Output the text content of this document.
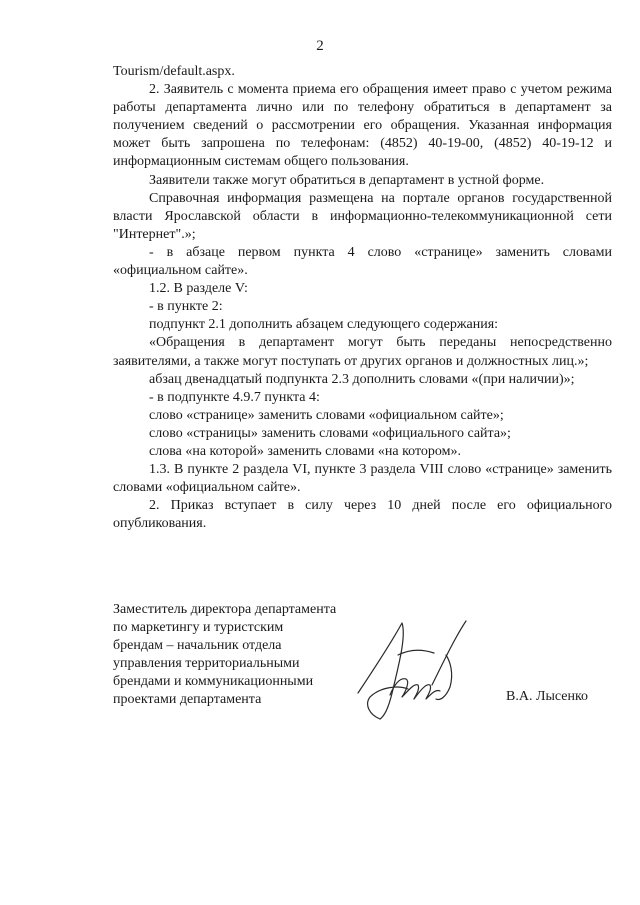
2

Tourism/default.aspx.

2. Заявитель с момента приема его обращения имеет право с учетом режима работы департамента лично или по телефону обратиться в департамент за получением сведений о рассмотрении его обращения. Указанная информация может быть запрошена по телефонам: (4852) 40-19-00, (4852) 40-19-12 и информационным системам общего пользования.

Заявители также могут обратиться в департамент в устной форме.

Справочная информация размещена на портале органов государственной власти Ярославской области в информационно-телекоммуникационной сети "Интернет".»;

- в абзаце первом пункта 4 слово «странице» заменить словами «официальном сайте».

1.2. В разделе V:

- в пункте 2:

подпункт 2.1 дополнить абзацем следующего содержания:

«Обращения в департамент могут быть переданы непосредственно заявителями, а также могут поступать от других органов и должностных лиц.»;

абзац двенадцатый подпункта 2.3 дополнить словами «(при наличии)»;

- в подпункте 4.9.7 пункта 4:

слово «странице» заменить словами «официальном сайте»;

слово «страницы» заменить словами «официального сайта»;

слова «на которой» заменить словами «на котором».

1.3. В пункте 2 раздела VI, пункте 3 раздела VIII слово «странице» заменить словами «официальном сайте».

2. Приказ вступает в силу через 10 дней после его официального опубликования.

Заместитель директора департамента
по маркетингу и туристским
брендам – начальник отдела
управления территориальными
брендами и коммуникационными
проектами департамента	В.А. Лысенко
